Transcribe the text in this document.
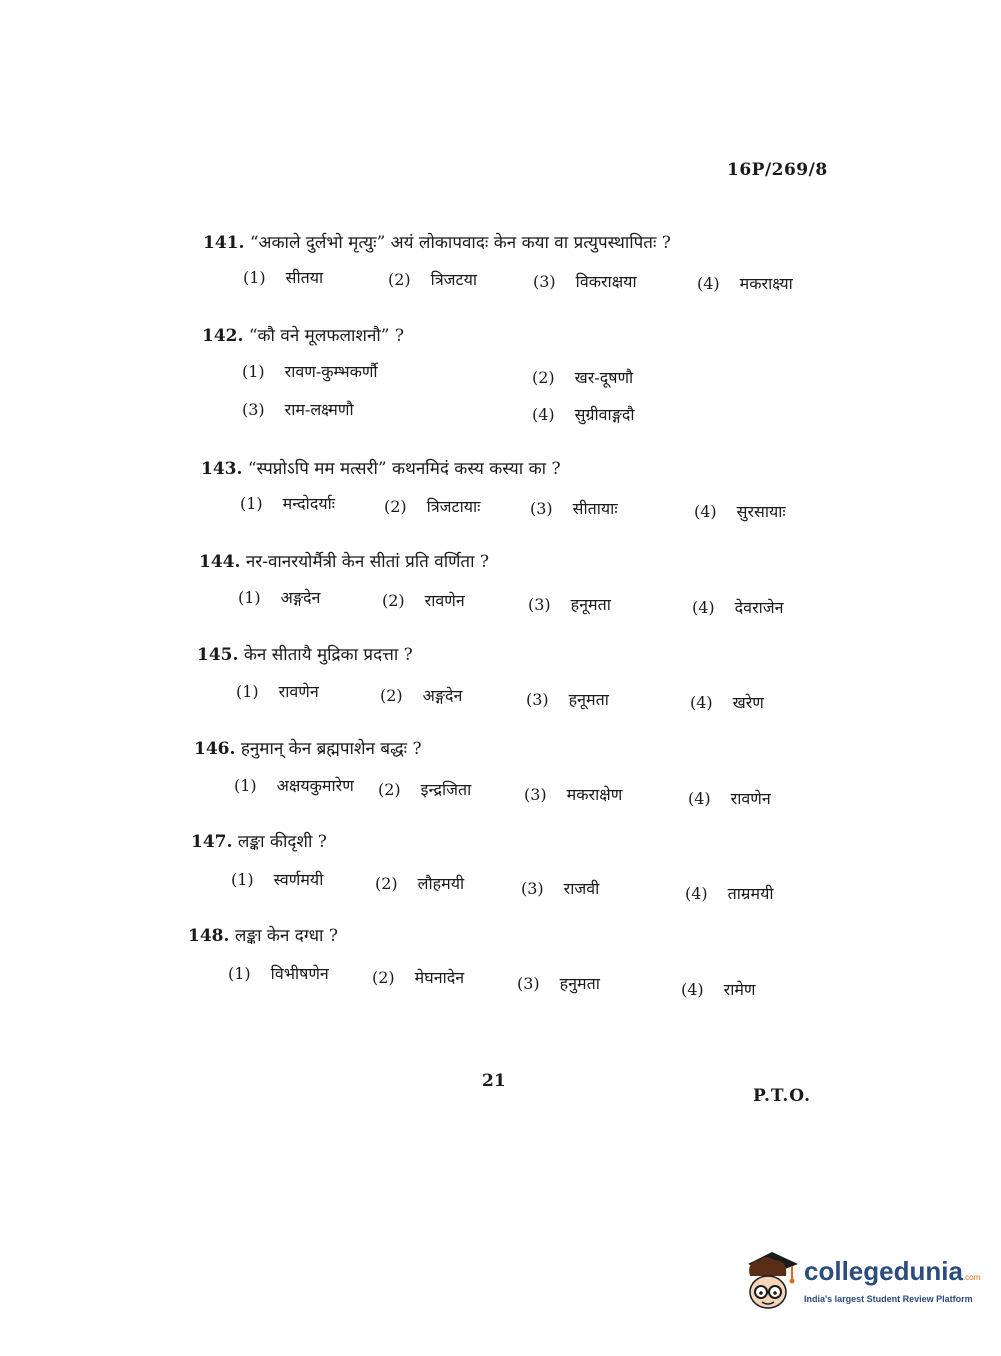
16P/269/8
141. “अकाले दुर्लभो मृत्युः” अयं लोकापवादः केन कया वा प्रत्युपस्थापितः ?
(1) सीतया	(2) त्रिजटया	(3) विकराक्षया	(4) मकराक्ष्या
142. “कौ वने मूलफलाशनौ” ?
(1) रावण-कुम्भकर्णौ	(2) खर-दूषणौ
(3) राम-लक्ष्मणौ	(4) सुग्रीवाङ्गदौ
143. “स्पप्नोऽपि मम मत्सरी” कथनमिदं कस्य कस्या का ?
(1) मन्दोदर्याः	(2) त्रिजटायाः	(3) सीतायाः	(4) सुरसायाः
144. नर-वानरयोर्मैत्री केन सीतां प्रति वर्णिता ?
(1) अङ्गदेन	(2) रावणेन	(3) हनूमता	(4) देवराजेन
145. केन सीतायै मुद्रिका प्रदत्ता ?
(1) रावणेन	(2) अङ्गदेन	(3) हनूमता	(4) खरेण
146. हनुमान् केन ब्रह्मपाशेन बद्धः ?
(1) अक्षयकुमारेण (2) इन्द्रजिता	(3) मकराक्षेण	(4) रावणेन
147. लङ्का कीदृशी ?
(1) स्वर्णमयी	(2) लौहमयी	(3) राजवी	(4) ताम्रमयी
148. लङ्का केन दग्धा ?
(1) विभीषणेन	(2) मेघनादेन	(3) हनुमता	(4) रामेण
21
P.T.O.
collegedunia.com
India's largest Student Review Platform
